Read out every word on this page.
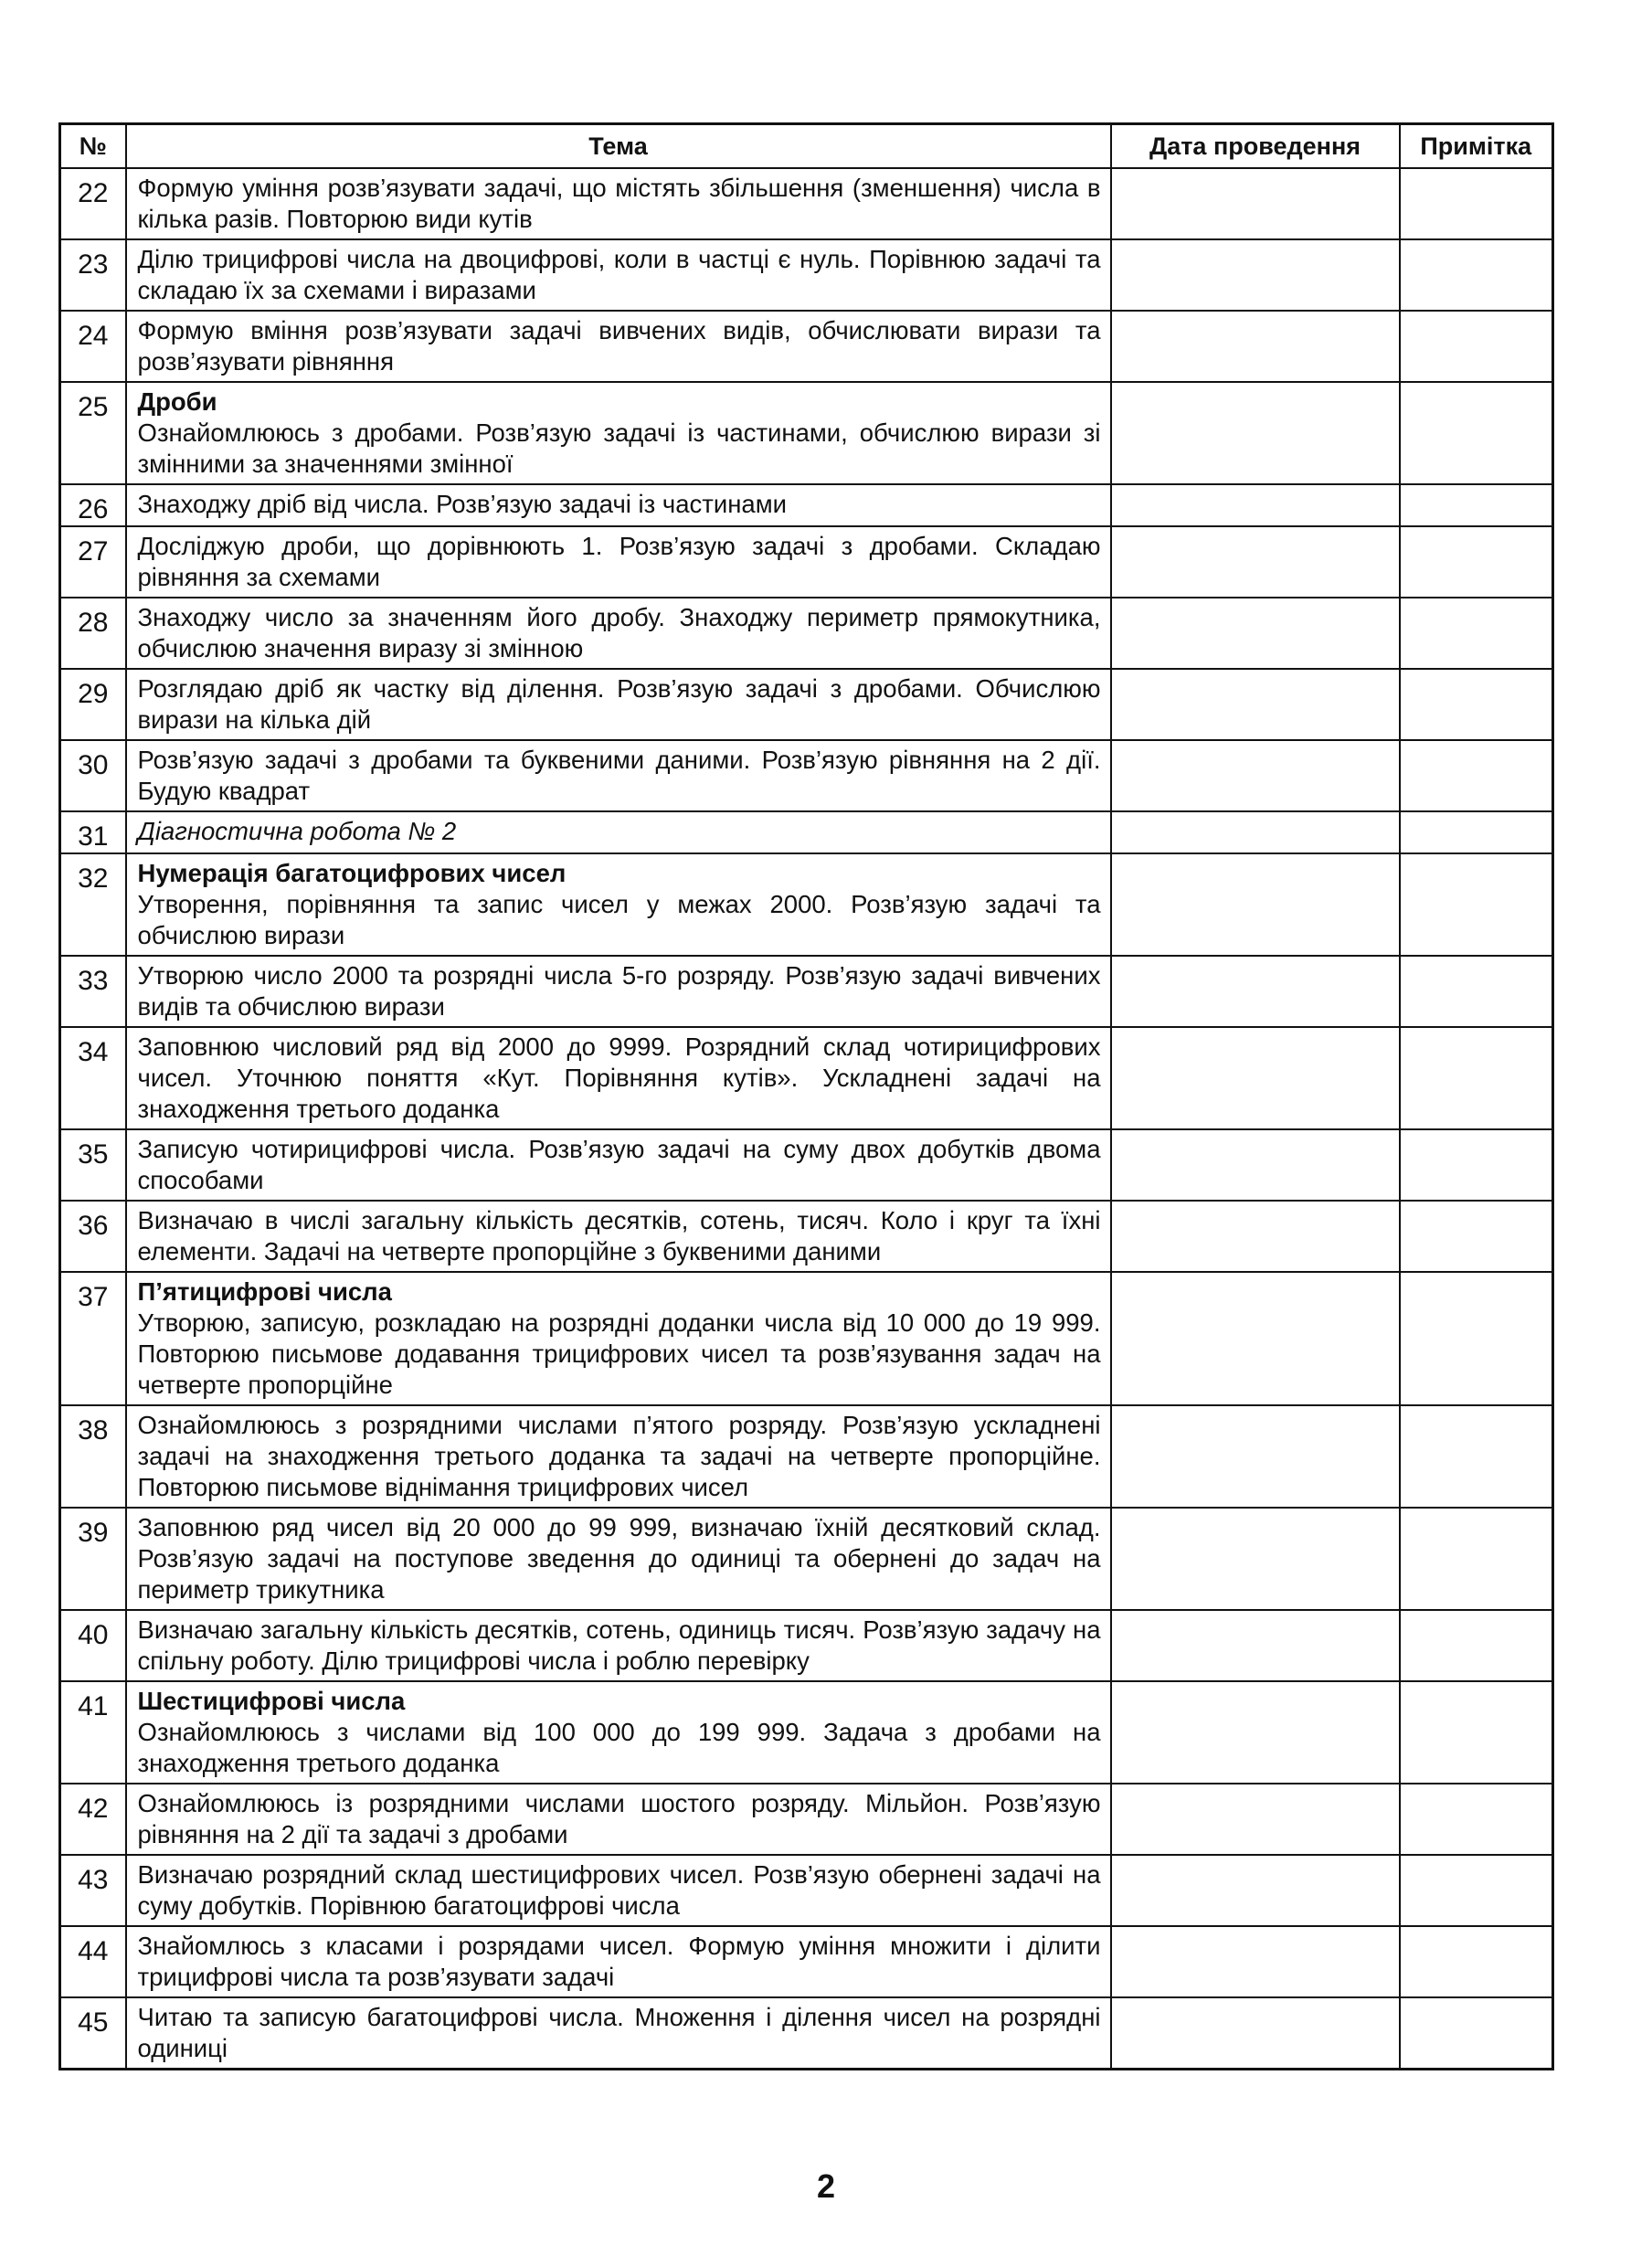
№	Тема	Дата проведення	Примітка
22	Формую уміння розв’язувати задачі, що містять збільшення (зменшення) числа в кілька разів. Повторюю види кутів		

23	Ділю трицифрові числа на двоцифрові, коли в частці є нуль. Порівнюю задачі та складаю їх за схемами і виразами		

24	Формую вміння розв’язувати задачі вивчених видів, обчислювати вирази та розв’язувати рівняння		

25	Дроби
Ознайомлююсь з дробами. Розв’язую задачі із частинами, обчислюю вирази зі змінними за значеннями змінної		

26	Знаходжу дріб від числа. Розв’язую задачі із частинами		

27	Досліджую дроби, що дорівнюють 1. Розв’язую задачі з дробами. Складаю рівняння за схемами		

28	Знаходжу число за значенням його дробу. Знаходжу периметр прямокутника, обчислюю значення виразу зі змінною		

29	Розглядаю дріб як частку від ділення. Розв’язую задачі з дробами. Обчислюю вирази на кілька дій		

30	Розв’язую задачі з дробами та буквеними даними. Розв’язую рівняння на 2 дії. Будую квадрат		

31	Діагностична робота № 2		

32	Нумерація багатоцифрових чисел
Утворення, порівняння та запис чисел у межах 2000. Розв’язую задачі та обчислюю вирази		

33	Утворюю число 2000 та розрядні числа 5-го розряду. Розв’язую задачі вивчених видів та обчислюю вирази		

34	Заповнюю числовий ряд від 2000 до 9999. Розрядний склад чотирицифрових чисел. Уточнюю поняття «Кут. Порівняння кутів». Ускладнені задачі на знаходження третього доданка		

35	Записую чотирицифрові числа. Розв’язую задачі на суму двох добутків двома способами		

36	Визначаю в числі загальну кількість десятків, сотень, тисяч. Коло і круг та їхні елементи. Задачі на четверте пропорційне з буквеними даними		

37	П’ятицифрові числа
Утворюю, записую, розкладаю на розрядні доданки числа від 10 000 до 19 999. Повторюю письмове додавання трицифрових чисел та розв’язування задач на четверте пропорційне		

38	Ознайомлююсь з розрядними числами п’ятого розряду. Розв’язую ускладнені задачі на знаходження третього доданка та задачі на четверте пропорційне. Повторюю письмове віднімання трицифрових чисел		

39	Заповнюю ряд чисел від 20 000 до 99 999, визначаю їхній десятковий склад. Розв’язую задачі на поступове зведення до одиниці та обернені до задач на периметр трикутника		

40	Визначаю загальну кількість десятків, сотень, одиниць тисяч. Розв’язую задачу на спільну роботу. Ділю трицифрові числа і роблю перевірку		

41	Шестицифрові числа
Ознайомлююсь з числами від 100 000 до 199 999. Задача з дробами на знаходження третього доданка		

42	Ознайомлююсь із розрядними числами шостого розряду. Мільйон. Розв’язую рівняння на 2 дії та задачі з дробами		

43	Визначаю розрядний склад шестицифрових чисел. Розв’язую обернені задачі на суму добутків. Порівнюю багатоцифрові числа		

44	Знайомлюсь з класами і розрядами чисел. Формую уміння множити і ділити трицифрові числа та розв’язувати задачі		

45	Читаю та записую багатоцифрові числа. Множення і ділення чисел на розрядні одиниці		

2
